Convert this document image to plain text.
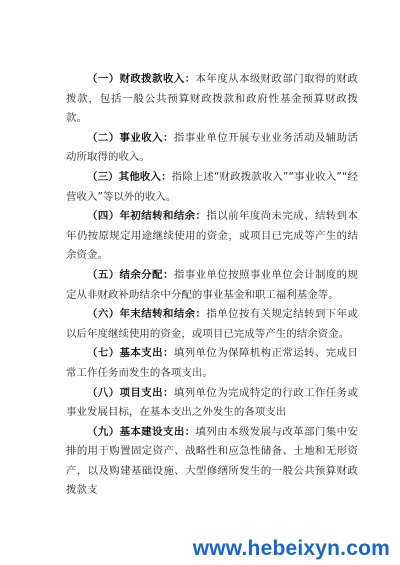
（一）财政拨款收入：本年度从本级财政部门取得的财政拨款，包括一般公共预算财政拨款和政府性基金预算财政拨款。

（二）事业收入：指事业单位开展专业业务活动及辅助活动所取得的收入。

（三）其他收入：指除上述“财政拨款收入”“事业收入”“经营收入”等以外的收入。

（四）年初结转和结余：指以前年度尚未完成、结转到本年仍按原规定用途继续使用的资金，或项目已完成等产生的结余资金。

（五）结余分配：指事业单位按照事业单位会计制度的规定从非财政补助结余中分配的事业基金和职工福利基金等。

（六）年末结转和结余：指单位按有关规定结转到下年或以后年度继续使用的资金，或项目已完成等产生的结余资金。

（七）基本支出：填列单位为保障机构正常运转、完成日常工作任务而发生的各项支出。

（八）项目支出：填列单位为完成特定的行政工作任务或事业发展目标，在基本支出之外发生的各项支出

（九）基本建设支出：填列由本级发展与改革部门集中安排的用于购置固定资产、战略性和应急性储备、土地和无形资产，以及购建基础设施、大型修缮所发生的一般公共预算财政拨款支

www.hebeixyn.com
